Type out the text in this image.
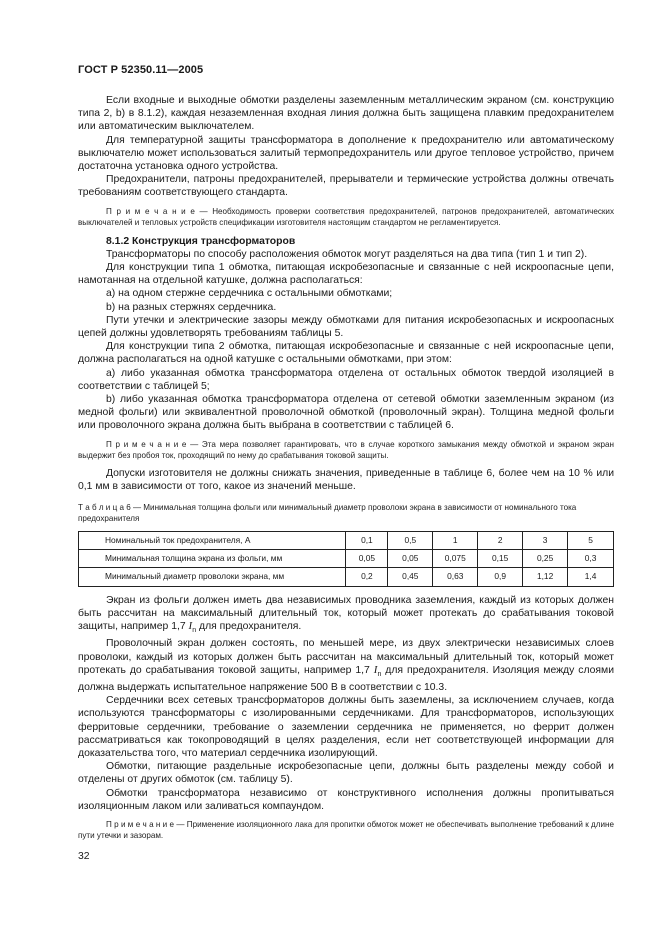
ГОСТ Р 52350.11—2005

Если входные и выходные обмотки разделены заземленным металлическим экраном (см. конструкцию типа 2, b) в 8.1.2), каждая незаземленная входная линия должна быть защищена плавким предохранителем или автоматическим выключателем.

Для температурной защиты трансформатора в дополнение к предохранителю или автоматическому выключателю может использоваться залитый термопредохранитель или другое тепловое устройство, причем достаточна установка одного устройства.

Предохранители, патроны предохранителей, прерыватели и термические устройства должны отвечать требованиям соответствующего стандарта.

П р и м е ч а н и е — Необходимость проверки соответствия предохранителей, патронов предохранителей, автоматических выключателей и тепловых устройств спецификации изготовителя настоящим стандартом не регламентируется.

8.1.2 Конструкция трансформаторов

Трансформаторы по способу расположения обмоток могут разделяться на два типа (тип 1 и тип 2).

Для конструкции типа 1 обмотка, питающая искробезопасные и связанные с ней искроопасные цепи, намотанная на отдельной катушке, должна располагаться:

a) на одном стержне сердечника с остальными обмотками;

b) на разных стержнях сердечника.

Пути утечки и электрические зазоры между обмотками для питания искробезопасных и искроопасных цепей должны удовлетворять требованиям таблицы 5.

Для конструкции типа 2 обмотка, питающая искробезопасные и связанные с ней искроопасные цепи, должна располагаться на одной катушке с остальными обмотками, при этом:

a) либо указанная обмотка трансформатора отделена от остальных обмоток твердой изоляцией в соответствии с таблицей 5;

b) либо указанная обмотка трансформатора отделена от сетевой обмотки заземленным экраном (из медной фольги) или эквивалентной проволочной обмоткой (проволочный экран). Толщина медной фольги или проволочного экрана должна быть выбрана в соответствии с таблицей 6.

П р и м е ч а н и е — Эта мера позволяет гарантировать, что в случае короткого замыкания между обмоткой и экраном экран выдержит без пробоя ток, проходящий по нему до срабатывания токовой защиты.

Допуски изготовителя не должны снижать значения, приведенные в таблице 6, более чем на 10 % или 0,1 мм в зависимости от того, какое из значений меньше.

Т а б л и ц а 6 — Минимальная толщина фольги или минимальный диаметр проволоки экрана в зависимости от номинального тока предохранителя

Номинальный ток предохранителя, А	0,1	0,5	1	2	3	5
Минимальная толщина экрана из фольги, мм	0,05	0,05	0,075	0,15	0,25	0,3
Минимальный диаметр проволоки экрана, мм	0,2	0,45	0,63	0,9	1,12	1,4

Экран из фольги должен иметь два независимых проводника заземления, каждый из которых должен быть рассчитан на максимальный длительный ток, который может протекать до срабатывания токовой защиты, например 1,7 $I_n$ для предохранителя.

Проволочный экран должен состоять, по меньшей мере, из двух электрически независимых слоев проволоки, каждый из которых должен быть рассчитан на максимальный длительный ток, который может протекать до срабатывания токовой защиты, например 1,7 $I_n$ для предохранителя. Изоляция между слоями должна выдержать испытательное напряжение 500 В в соответствии с 10.3.

Сердечники всех сетевых трансформаторов должны быть заземлены, за исключением случаев, когда используются трансформаторы с изолированными сердечниками. Для трансформаторов, использующих ферритовые сердечники, требование о заземлении сердечника не применяется, но феррит должен рассматриваться как токопроводящий в целях разделения, если нет соответствующей информации для доказательства того, что материал сердечника изолирующий.

Обмотки, питающие раздельные искробезопасные цепи, должны быть разделены между собой и отделены от других обмоток (см. таблицу 5).

Обмотки трансформатора независимо от конструктивного исполнения должны пропитываться изоляционным лаком или заливаться компаундом.

П р и м е ч а н и е — Применение изоляционного лака для пропитки обмоток может не обеспечивать выполнение требований к длине пути утечки и зазорам.

32
